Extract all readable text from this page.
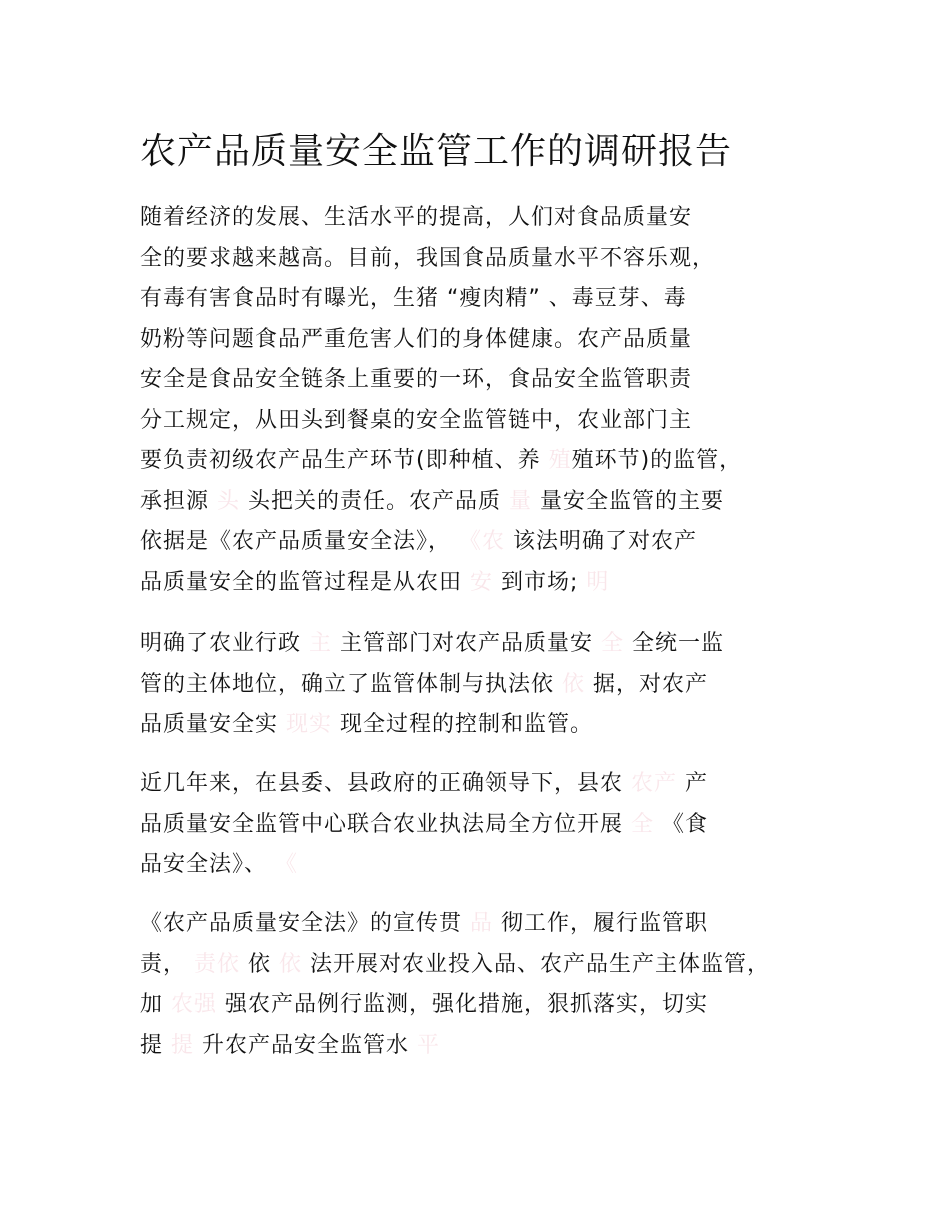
农产品质量安全监管工作的调研报告
随着经济的发展、生活水平的提高，人们对食品质量安
全的要求越来越高。目前，我国食品质量水平不容乐观，
有毒有害食品时有曝光，生猪 “瘦肉精” 、毒豆芽、毒
奶粉等问题食品严重危害人们的身体健康。农产品质量
安全是食品安全链条上重要的一环，食品安全监管职责
分工规定，从田头到餐桌的安全监管链中，农业部门主
要负责初级农产品生产环节(即种植、养 殖殖环节)的监管，
承担源 头 头把关的责任。农产品质 量 量安全监管的主要
依据是《农产品质量安全法》， 《农 该法明确了对农产
品质量安全的监管过程是从农田 安 到市场; 明
明确了农业行政 主 主管部门对农产品质量安 全 全统一监
管的主体地位，确立了监管体制与执法依 依 据，对农产
品质量安全实 现实 现全过程的控制和监管。
近几年来，在县委、县政府的正确领导下，县农 农产 产
品质量安全监管中心联合农业执法局全方位开展 全 《食
品安全法》、 《
《农产品质量安全法》的宣传贯 品 彻工作，履行监管职
责， 责依 依 依 法开展对农业投入品、农产品生产主体监管，
加 农强 强农产品例行监测，强化措施，狠抓落实，切实
提 提 升农产品安全监管水 平
